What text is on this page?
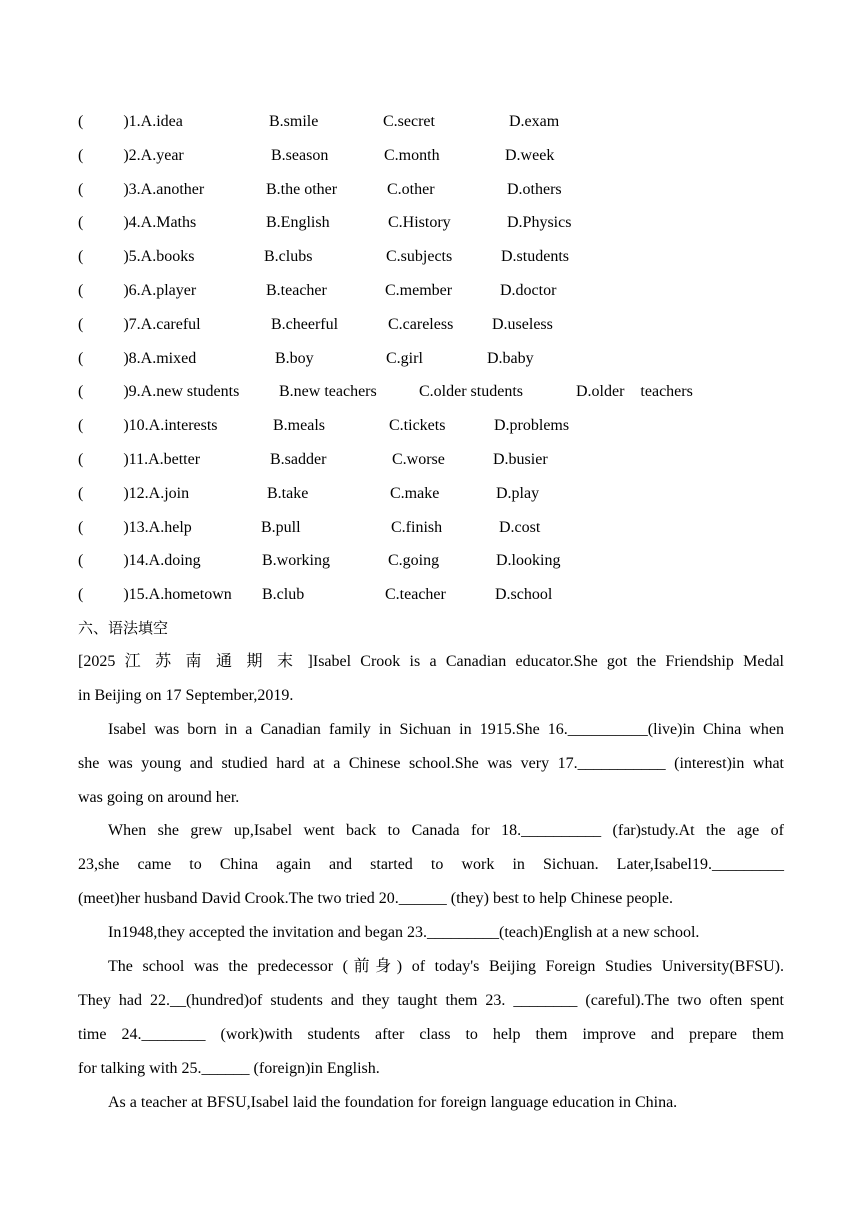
(          )1.A.idea	B.smile	C.secret	D.exam
(          )2.A.year	B.season	C.month	D.week
(          )3.A.another	B.the other	C.other	D.others
(          )4.A.Maths	B.English	C.History	D.Physics
(          )5.A.books	B.clubs	C.subjects	D.students
(          )6.A.player	B.teacher	C.member	D.doctor
(          )7.A.careful	B.cheerful	C.careless D.useless
(          )8.A.mixed	B.boy	C.girl	D.baby
(          )9.A.new students B.new teachers	C.older students	D.older    teachers
(          )10.A.interests	B.meals	C.tickets	D.problems
(          )11.A.better	B.sadder	C.worse	D.busier
(          )12.A.join	B.take	C.make	D.play
(          )13.A.help	B.pull	C.finish	D.cost
(          )14.A.doing	B.working	C.going	D.looking
(          )15.A.hometown B.club	C.teacher	D.school
六、语法填空
[2025 江 苏 南 通 期 末 ]Isabel Crook is a Canadian educator.She got the Friendship Medal
in Beijing on 17 September,2019.
Isabel was born in a Canadian family in Sichuan in 1915.She 16.__________(live)in China when
she was young and studied hard at a Chinese school.She was very 17.___________ (interest)in what
was going on around her.
When she grew up,Isabel went back to Canada for 18.__________ (far)study.At the age of
23,she came to China again and started to work in Sichuan. Later,Isabel19._________
(meet)her husband David Crook.The two tried 20.______ (they) best to help Chinese people.
In1948,they accepted the invitation and began 23._________(teach)English at a new school.
The school was the predecessor (前身) of today's Beijing Foreign Studies University(BFSU).
They had 22.__(hundred)of students and they taught them 23. ________ (careful).The two often spent
time 24.________ (work)with students after class to help them improve and prepare them
for talking with 25.______ (foreign)in English.
As a teacher at BFSU,Isabel laid the foundation for foreign language education in China.
